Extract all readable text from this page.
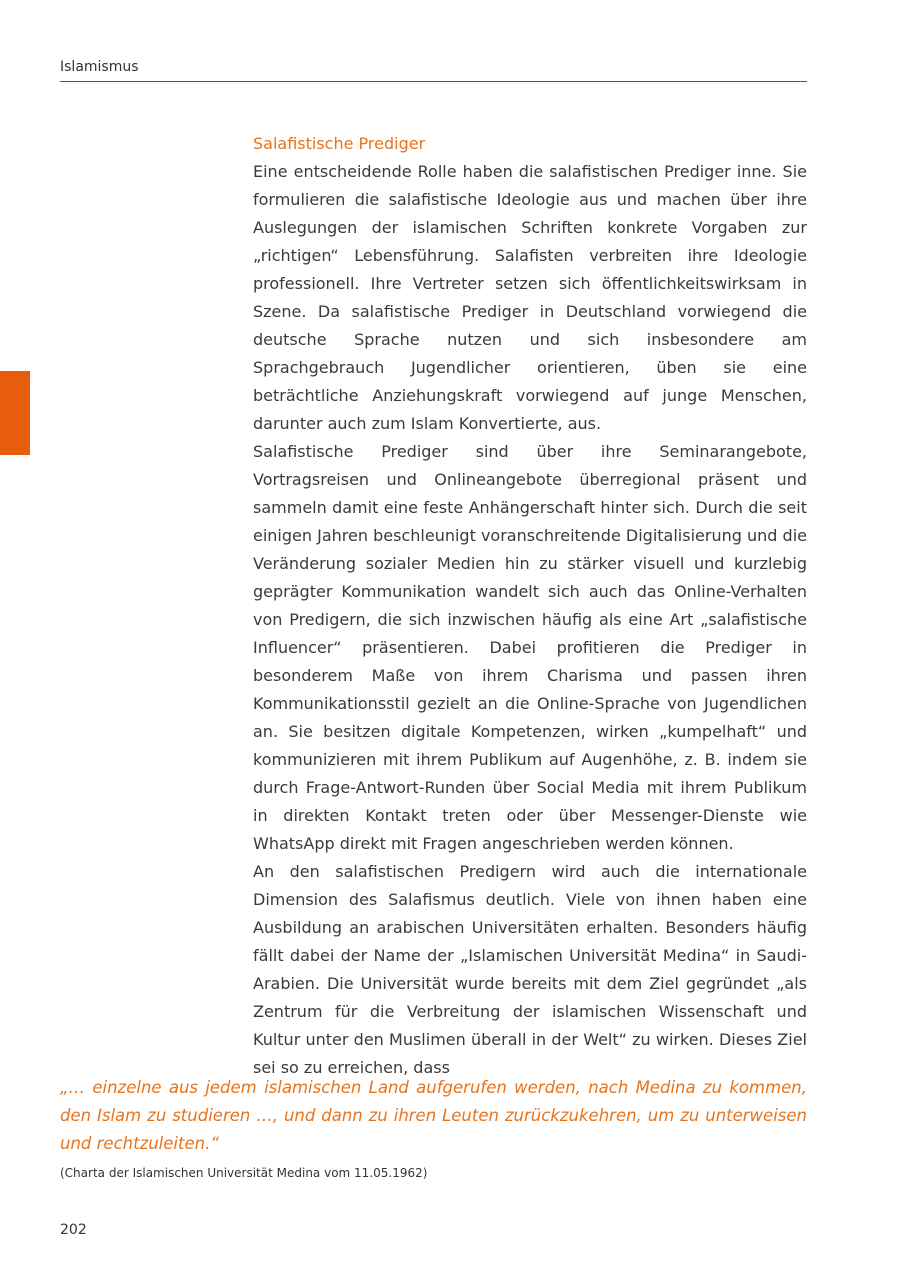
Islamismus
Salafistische Prediger

Eine entscheidende Rolle haben die salafistischen Prediger inne. Sie formulieren die salafistische Ideologie aus und machen über ihre Auslegungen der islamischen Schriften konkrete Vorgaben zur „richtigen“ Lebensführung. Salafisten verbreiten ihre Ideologie professionell. Ihre Vertreter setzen sich öffentlichkeitswirksam in Szene. Da salafistische Prediger in Deutschland vorwiegend die deutsche Sprache nutzen und sich insbesondere am Sprachgebrauch Jugendlicher orientieren, üben sie eine beträchtliche Anziehungskraft vorwiegend auf junge Menschen, darunter auch zum Islam Konvertierte, aus.

Salafistische Prediger sind über ihre Seminarangebote, Vortragsreisen und Onlineangebote überregional präsent und sammeln damit eine feste Anhängerschaft hinter sich. Durch die seit einigen Jahren beschleunigt voranschreitende Digitalisierung und die Veränderung sozialer Medien hin zu stärker visuell und kurzlebig geprägter Kommunikation wandelt sich auch das Online-Verhalten von Predigern, die sich inzwischen häufig als eine Art „salafistische Influencer“ präsentieren. Dabei profitieren die Prediger in besonderem Maße von ihrem Charisma und passen ihren Kommunikationsstil gezielt an die Online-Sprache von Jugendlichen an. Sie besitzen digitale Kompetenzen, wirken „kumpelhaft“ und kommunizieren mit ihrem Publikum auf Augenhöhe, z. B. indem sie durch Frage-Antwort-Runden über Social Media mit ihrem Publikum in direkten Kontakt treten oder über Messenger-Dienste wie WhatsApp direkt mit Fragen angeschrieben werden können.

An den salafistischen Predigern wird auch die internationale Dimension des Salafismus deutlich. Viele von ihnen haben eine Ausbildung an arabischen Universitäten erhalten. Besonders häufig fällt dabei der Name der „Islamischen Universität Medina“ in Saudi-Arabien. Die Universität wurde bereits mit dem Ziel gegründet „als Zentrum für die Verbreitung der islamischen Wissenschaft und Kultur unter den Muslimen überall in der Welt“ zu wirken. Dieses Ziel sei so zu erreichen, dass

„… einzelne aus jedem islamischen Land aufgerufen werden, nach Medina zu kommen, den Islam zu studieren …, und dann zu ihren Leuten zurückzukehren, um zu unterweisen und rechtzuleiten.“

(Charta der Islamischen Universität Medina vom 11.05.1962)

202
